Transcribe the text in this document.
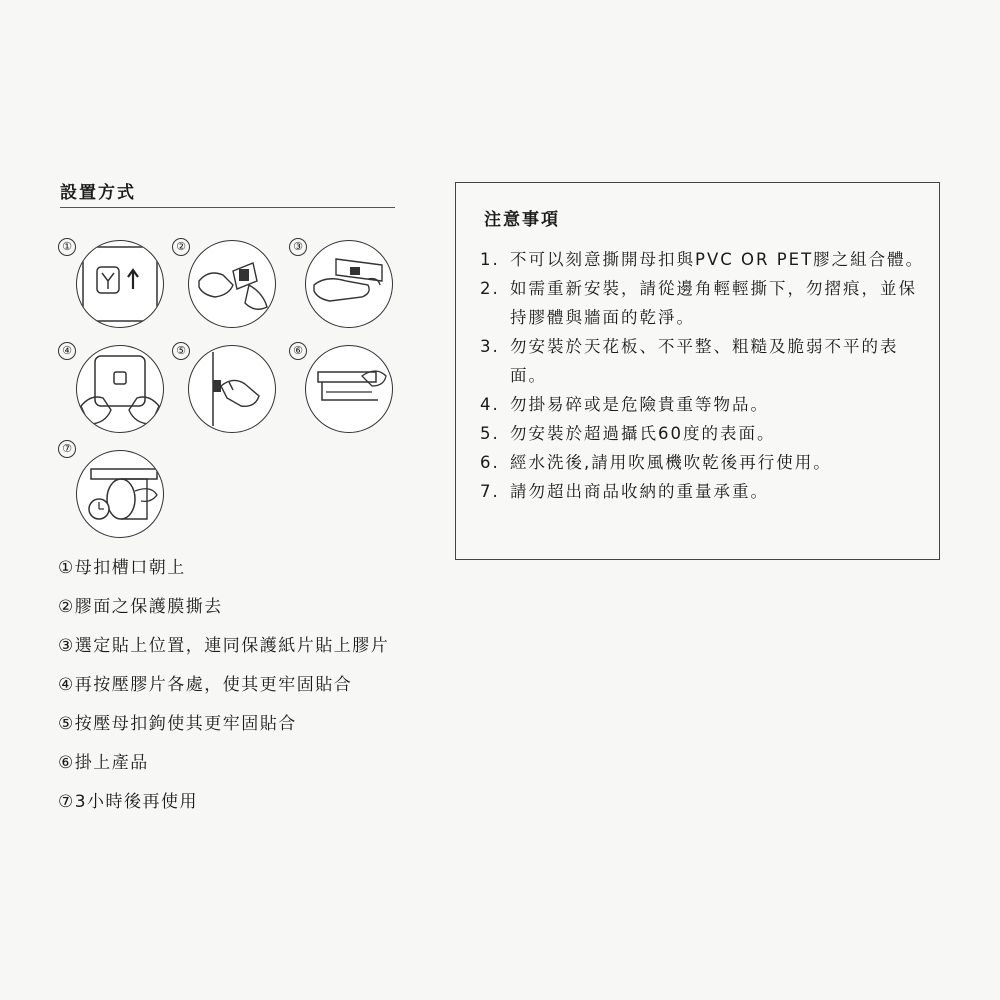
設置方式
①	②	③
④	⑤	⑥
⑦
①母扣槽口朝上
②膠面之保護膜撕去
③選定貼上位置，連同保護紙片貼上膠片
④再按壓膠片各處，使其更牢固貼合
⑤按壓母扣鉤使其更牢固貼合
⑥掛上產品
⑦3小時後再使用
注意事項
1. 不可以刻意撕開母扣與PVC OR PET膠之組合體。
2. 如需重新安裝，請從邊角輕輕撕下，勿摺痕，並保持膠體與牆面的乾淨。
3. 勿安裝於天花板、不平整、粗糙及脆弱不平的表面。
4. 勿掛易碎或是危險貴重等物品。
5. 勿安裝於超過攝氏60度的表面。
6. 經水洗後,請用吹風機吹乾後再行使用。
7. 請勿超出商品收納的重量承重。
